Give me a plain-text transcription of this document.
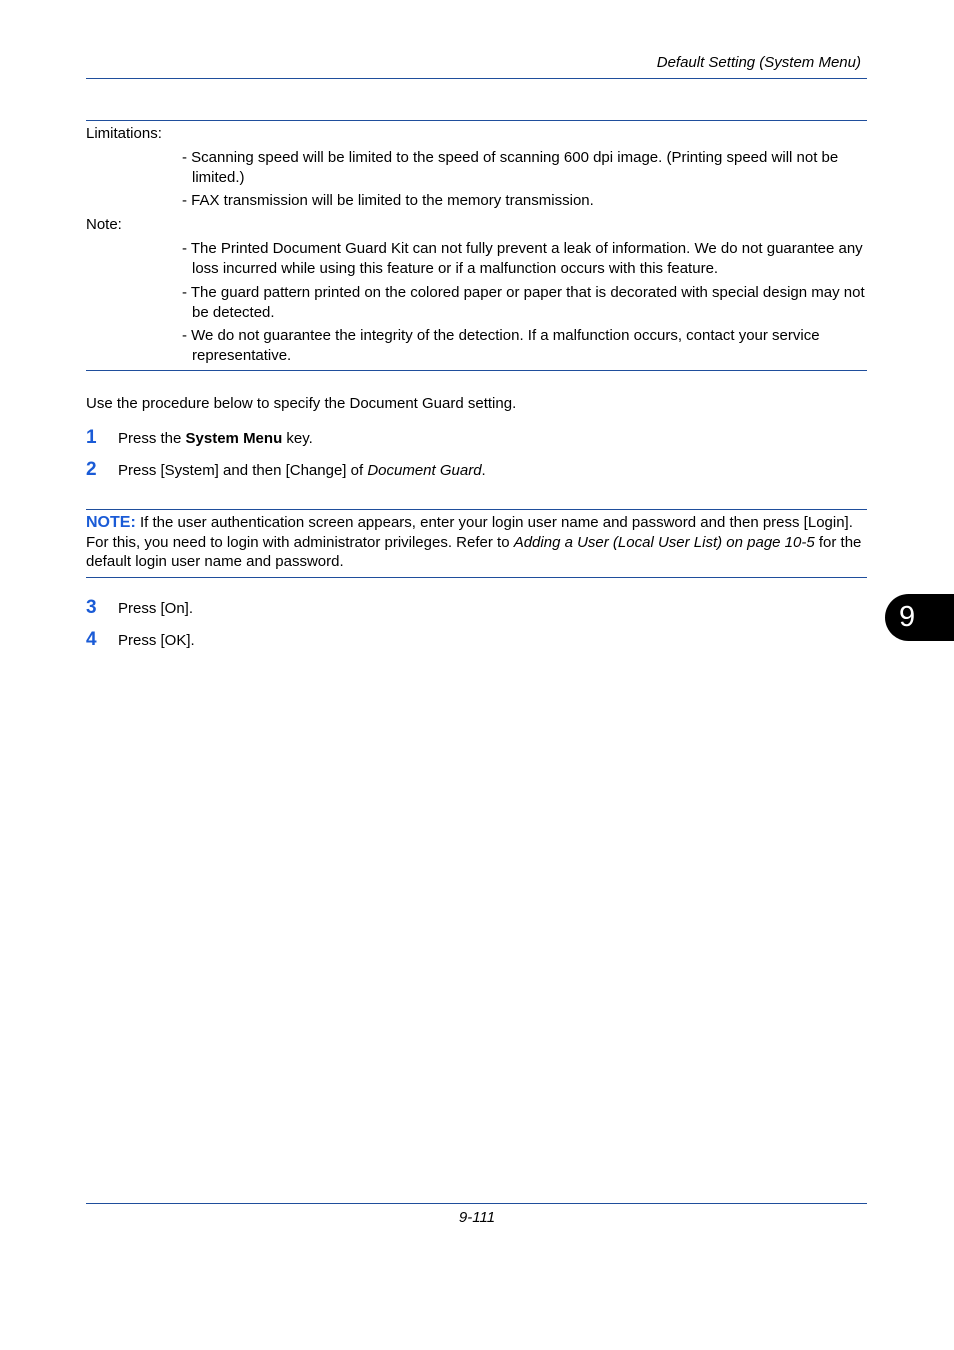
Default Setting (System Menu)
Limitations:
- Scanning speed will be limited to the speed of scanning 600 dpi image. (Printing speed will not be limited.)
- FAX transmission will be limited to the memory transmission.
Note:
- The Printed Document Guard Kit can not fully prevent a leak of information. We do not guarantee any loss incurred while using this feature or if a malfunction occurs with this feature.
- The guard pattern printed on the colored paper or paper that is decorated with special design may not be detected.
- We do not guarantee the integrity of the detection. If a malfunction occurs, contact your service representative.
Use the procedure below to specify the Document Guard setting.
1 Press the System Menu key.
2 Press [System] and then [Change] of Document Guard.
NOTE: If the user authentication screen appears, enter your login user name and password and then press [Login]. For this, you need to login with administrator privileges. Refer to Adding a User (Local User List) on page 10-5 for the default login user name and password.
3 Press [On].
4 Press [OK].
9
9-111
